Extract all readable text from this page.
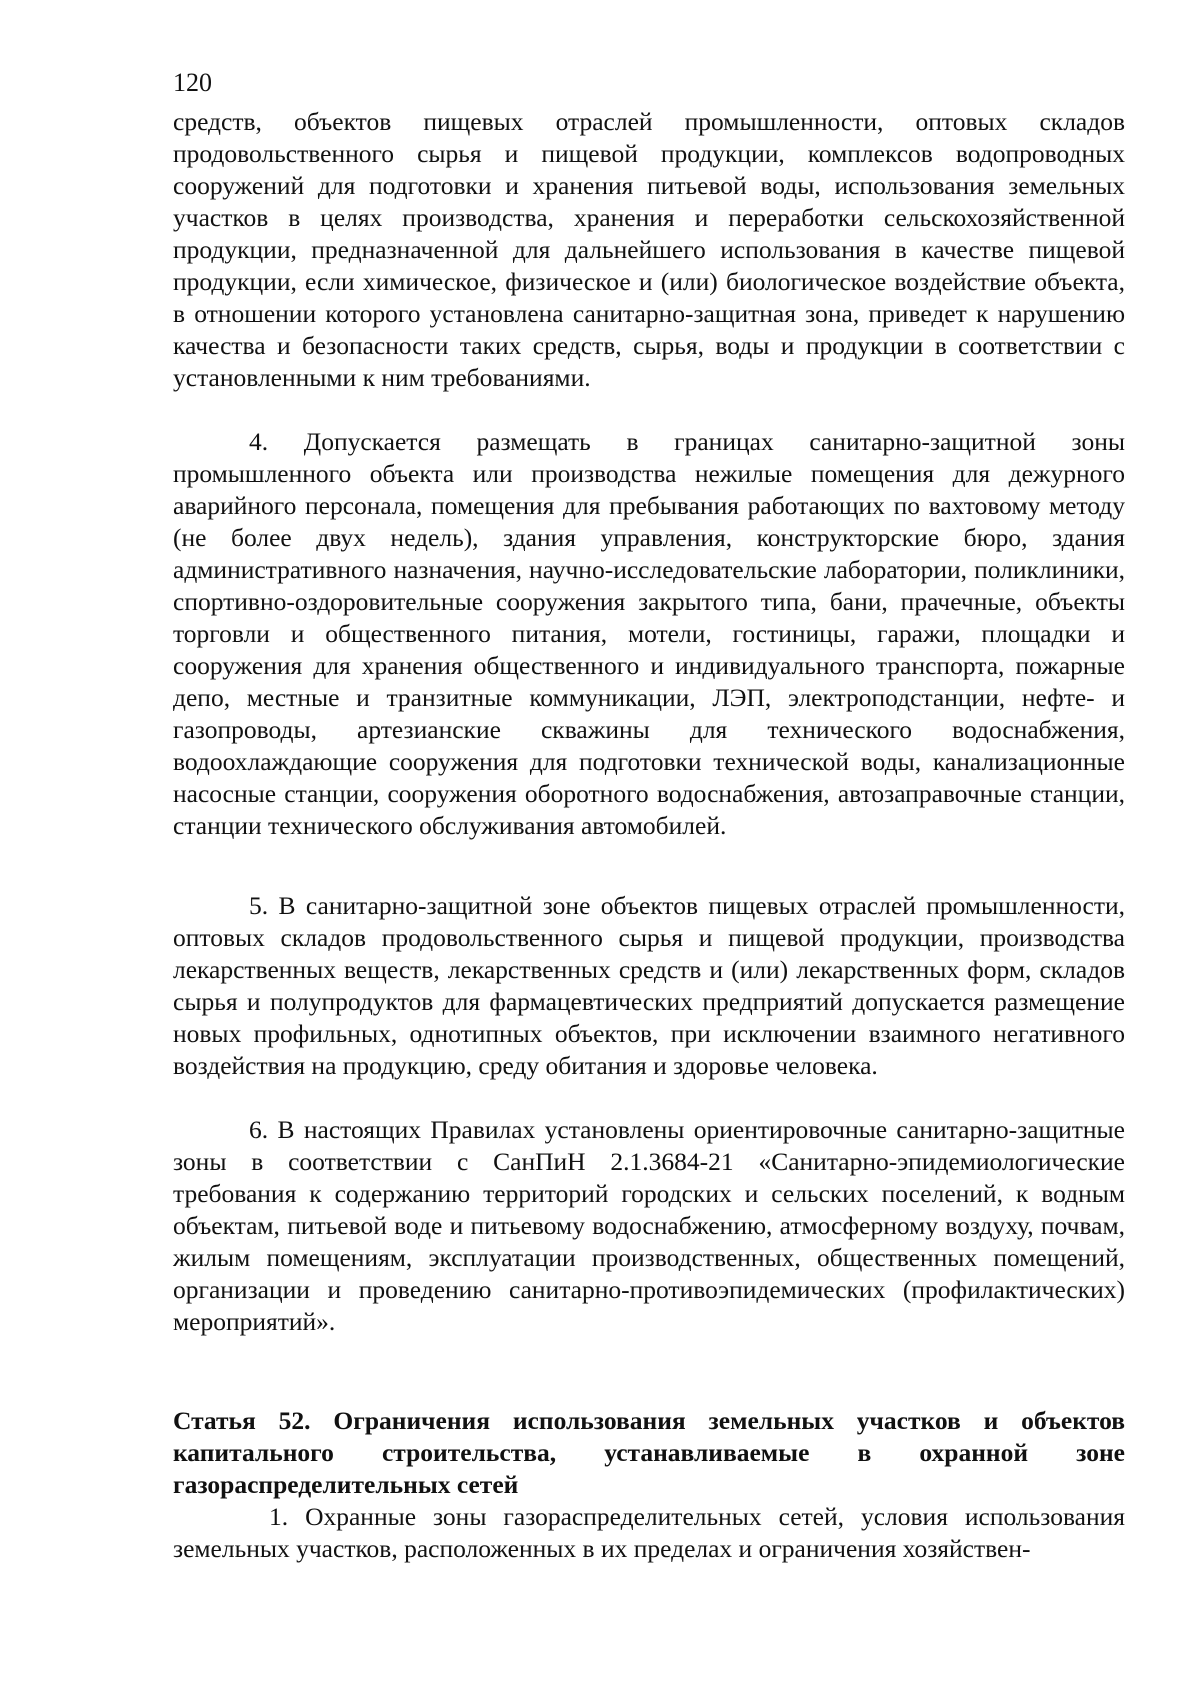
120

средств, объектов пищевых отраслей промышленности, оптовых складов продовольственного сырья и пищевой продукции, комплексов водопроводных сооружений для подготовки и хранения питьевой воды, использования земельных участков в целях производства, хранения и переработки сельскохозяйственной продукции, предназначенной для дальнейшего использования в качестве пищевой продукции, если химическое, физическое и (или) биологическое воздействие объекта, в отношении которого установлена санитарно-защитная зона, приведет к нарушению качества и безопасности таких средств, сырья, воды и продукции в соответствии с установленными к ним требованиями.

4. Допускается размещать в границах санитарно-защитной зоны промышленного объекта или производства нежилые помещения для дежурного аварийного персонала, помещения для пребывания работающих по вахтовому методу (не более двух недель), здания управления, конструкторские бюро, здания административного назначения, научно-исследовательские лаборатории, поликлиники, спортивно-оздоровительные сооружения закрытого типа, бани, прачечные, объекты торговли и общественного питания, мотели, гостиницы, гаражи, площадки и сооружения для хранения общественного и индивидуального транспорта, пожарные депо, местные и транзитные коммуникации, ЛЭП, электроподстанции, нефте- и газопроводы, артезианские скважины для технического водоснабжения, водоохлаждающие сооружения для подготовки технической воды, канализационные насосные станции, сооружения оборотного водоснабжения, автозаправочные станции, станции технического обслуживания автомобилей.

5. В санитарно-защитной зоне объектов пищевых отраслей промышленности, оптовых складов продовольственного сырья и пищевой продукции, производства лекарственных веществ, лекарственных средств и (или) лекарственных форм, складов сырья и полупродуктов для фармацевтических предприятий допускается размещение новых профильных, однотипных объектов, при исключении взаимного негативного воздействия на продукцию, среду обитания и здоровье человека.

6. В настоящих Правилах установлены ориентировочные санитарно-защитные зоны в соответствии с СанПиН 2.1.3684-21 «Санитарно-эпидемиологические требования к содержанию территорий городских и сельских поселений, к водным объектам, питьевой воде и питьевому водоснабжению, атмосферному воздуху, почвам, жилым помещениям, эксплуатации производственных, общественных помещений, организации и проведению санитарно-противоэпидемических (профилактических) мероприятий».

Статья 52. Ограничения использования земельных участков и объектов капитального строительства, устанавливаемые в охранной зоне газораспределительных сетей

1. Охранные зоны газораспределительных сетей, условия использования земельных участков, расположенных в их пределах и ограничения хозяйствен-
